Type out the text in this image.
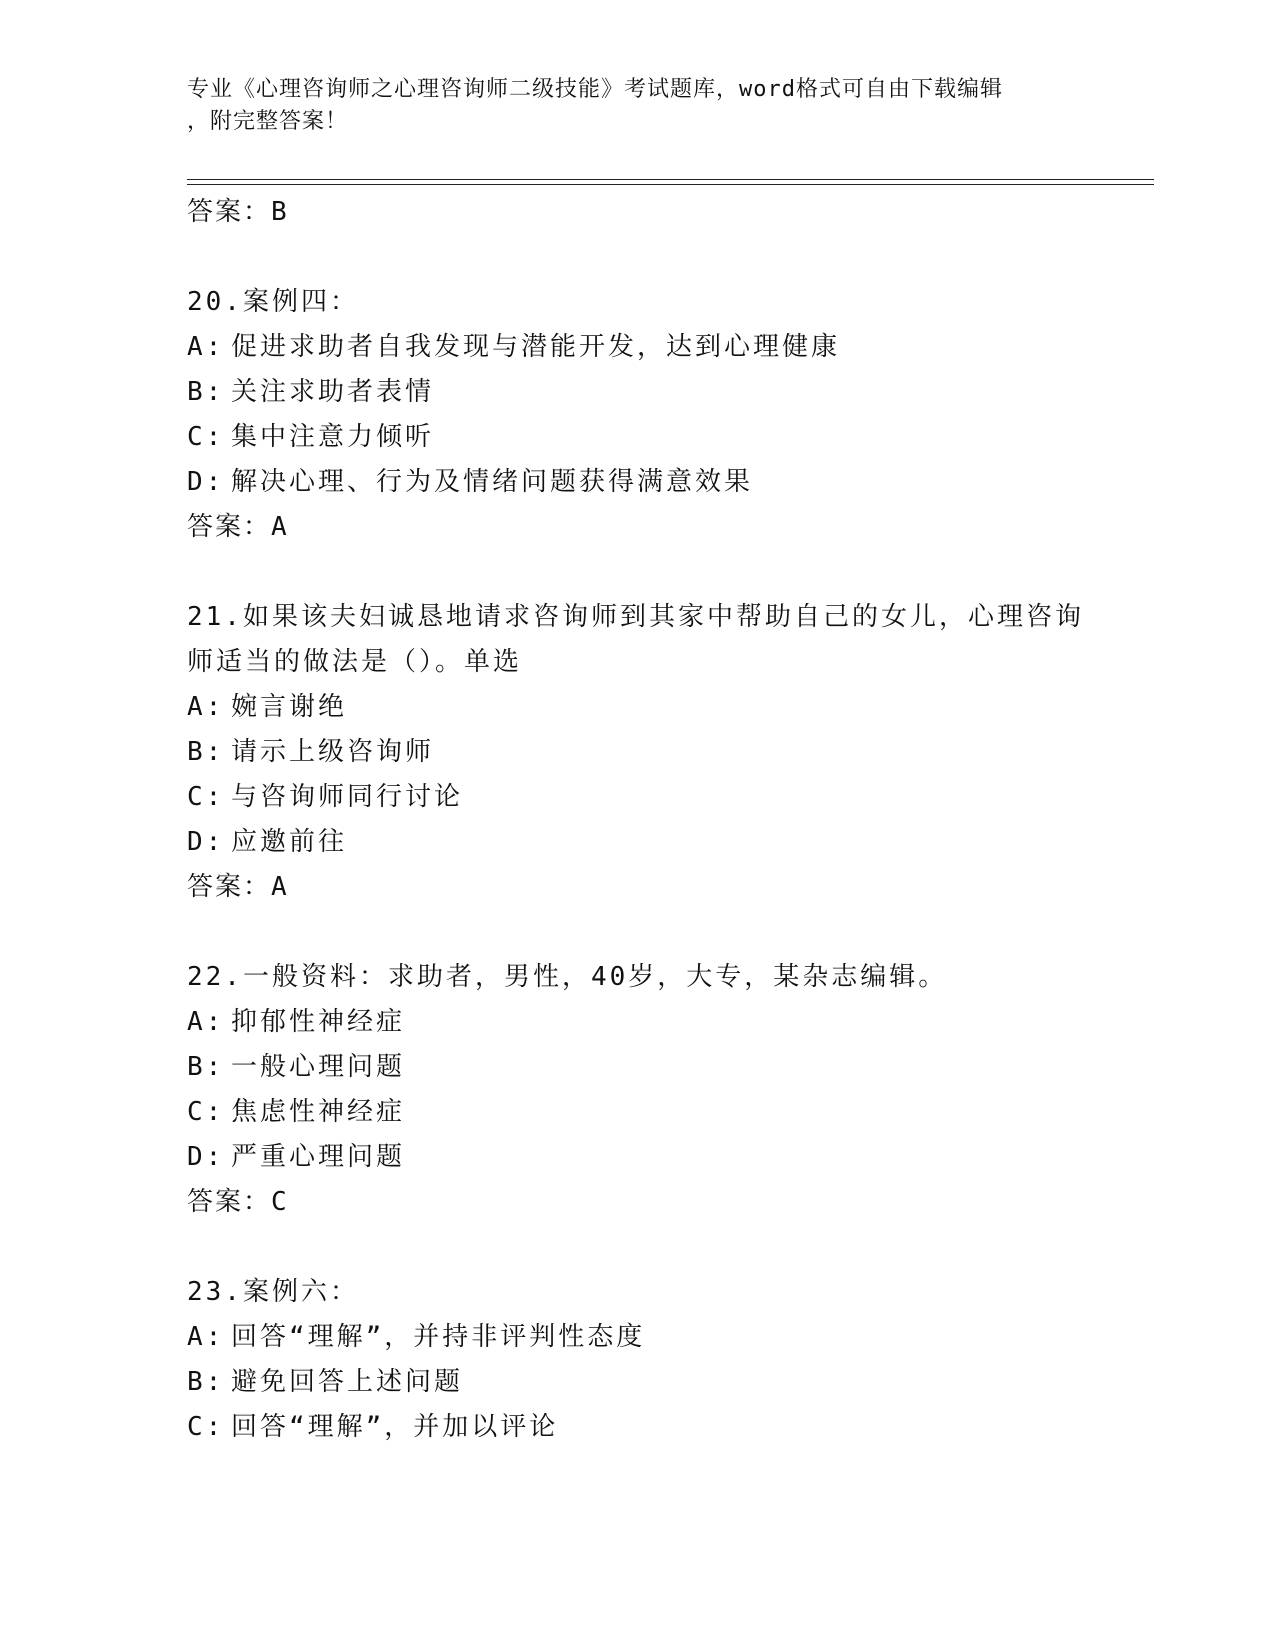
专业《心理咨询师之心理咨询师二级技能》考试题库，word格式可自由下载编辑
，附完整答案！
答案：B
20.案例四：
A: 促进求助者自我发现与潜能开发，达到心理健康
B: 关注求助者表情
C: 集中注意力倾听
D: 解决心理、行为及情绪问题获得满意效果
答案：A
21.如果该夫妇诚恳地请求咨询师到其家中帮助自己的女儿，心理咨询师适当的做法是（）。单选
A: 婉言谢绝
B: 请示上级咨询师
C: 与咨询师同行讨论
D: 应邀前往
答案：A
22.一般资料：求助者，男性，40岁，大专，某杂志编辑。
A: 抑郁性神经症
B: 一般心理问题
C: 焦虑性神经症
D: 严重心理问题
答案：C
23.案例六：
A: 回答“理解”，并持非评判性态度
B: 避免回答上述问题
C: 回答“理解”，并加以评论
